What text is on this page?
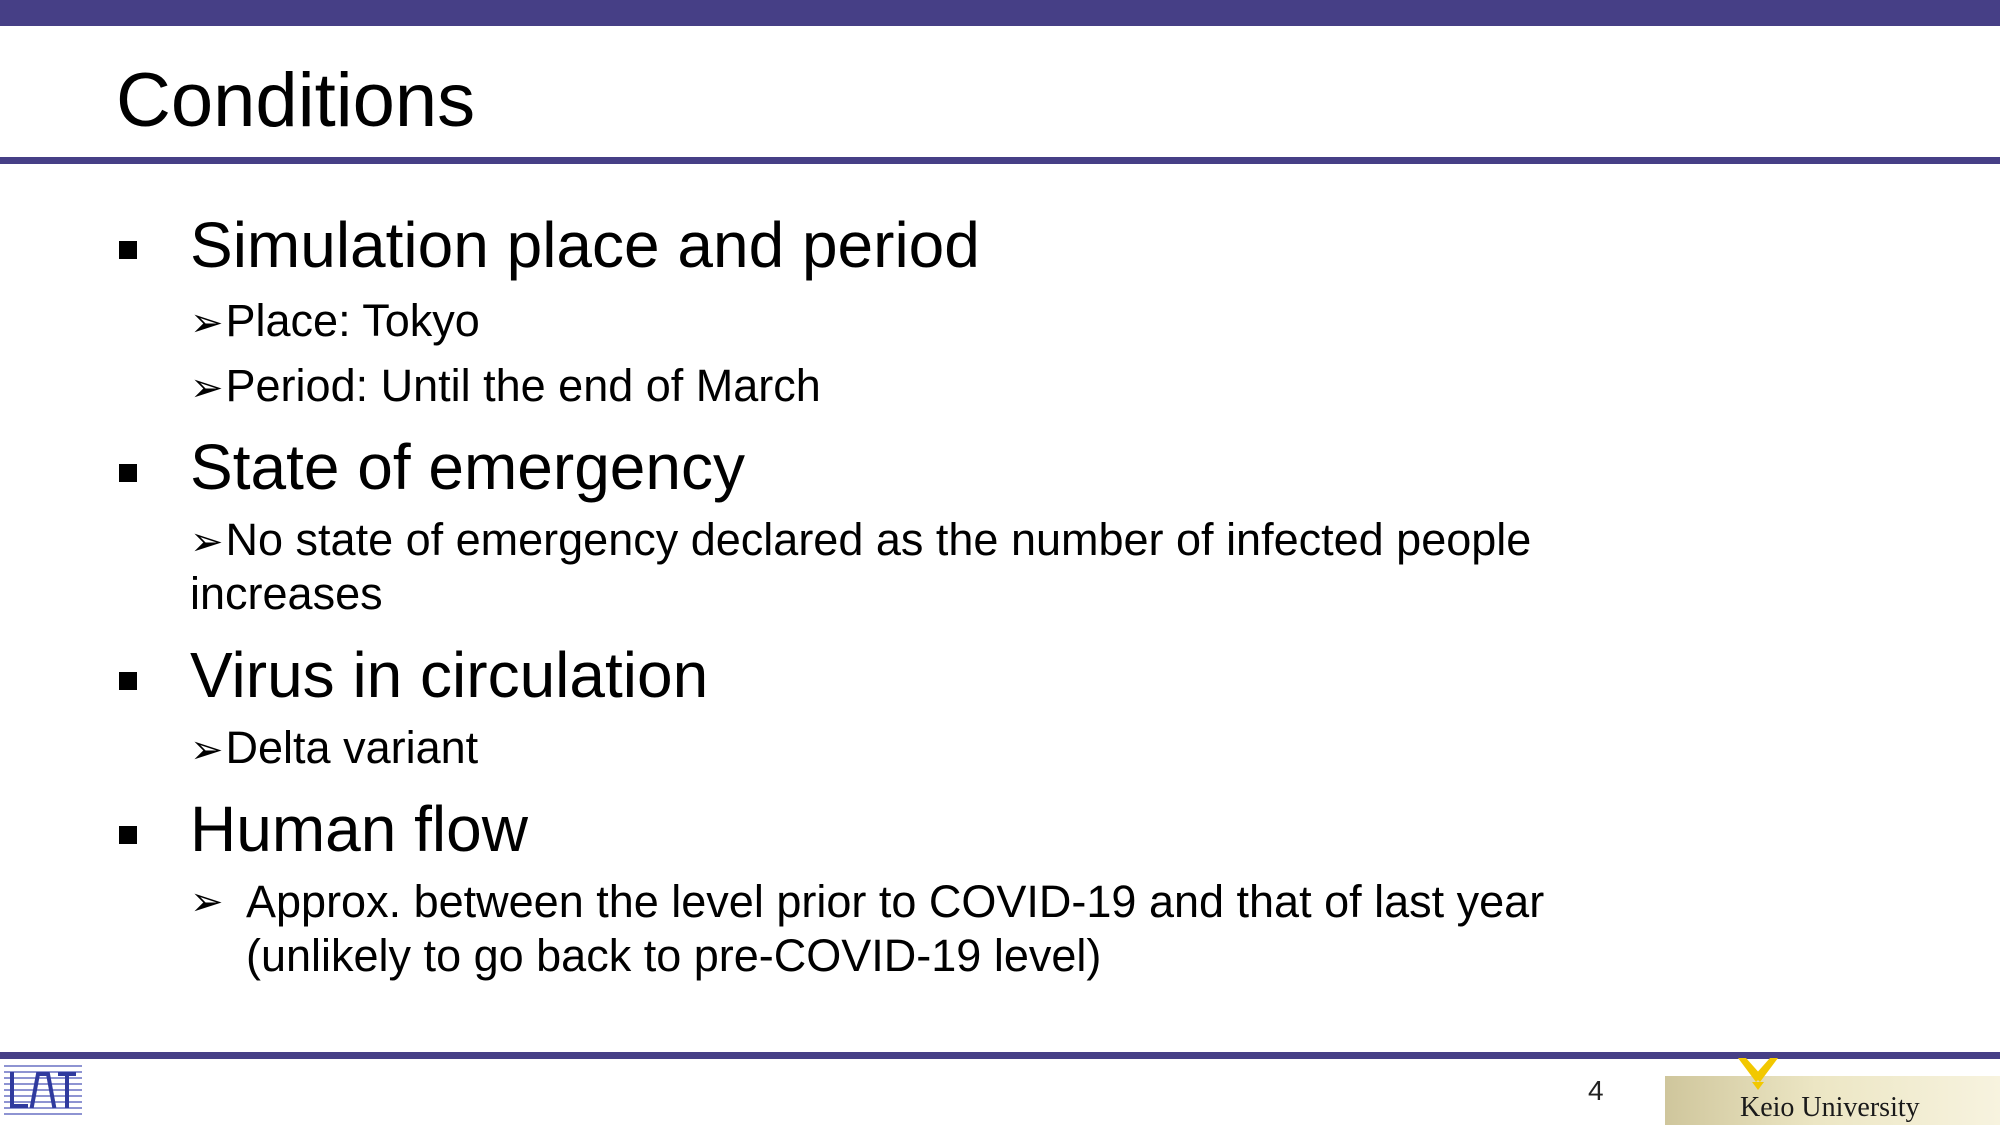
Conditions
Simulation place and period
➢Place: Tokyo
➢Period: Until the end of March
State of emergency
➢No state of emergency declared as the number of infected people
increases
Virus in circulation
➢Delta variant
Human flow
➢ Approx. between the level prior to COVID-19 and that of last year
(unlikely to go back to pre-COVID-19 level)
4
Keio University
